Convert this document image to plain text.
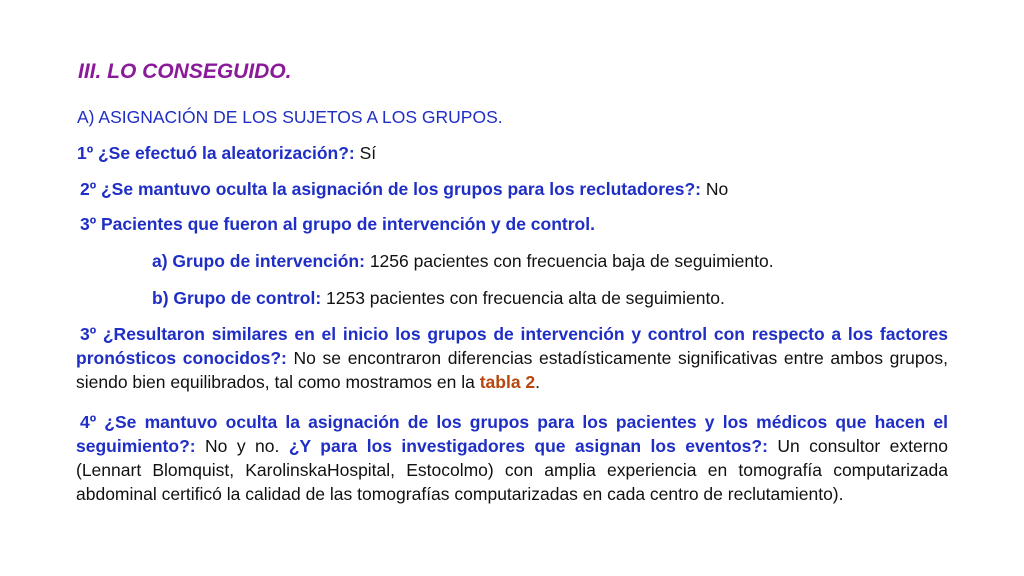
III. LO CONSEGUIDO.
A) ASIGNACIÓN DE LOS SUJETOS A LOS GRUPOS.
1º ¿Se efectuó la aleatorización?: Sí
2º ¿Se mantuvo oculta la asignación de los grupos para los reclutadores?: No
3º Pacientes que fueron al grupo de intervención y de control.
a) Grupo de intervención: 1256 pacientes con frecuencia baja de seguimiento.
b) Grupo de control: 1253 pacientes con frecuencia alta de seguimiento.
3º ¿Resultaron similares en el inicio los grupos de intervención y control con respecto a los factores pronósticos conocidos?: No se encontraron diferencias estadísticamente significativas entre ambos grupos, siendo bien equilibrados, tal como mostramos en la tabla 2.
4º ¿Se mantuvo oculta la asignación de los grupos para los pacientes y los médicos que hacen el seguimiento?: No y no. ¿Y para los investigadores que asignan los eventos?: Un consultor externo (Lennart Blomquist, KarolinskaHospital, Estocolmo) con amplia experiencia en tomografía computarizada abdominal certificó la calidad de las tomografías computarizadas en cada centro de reclutamiento).
